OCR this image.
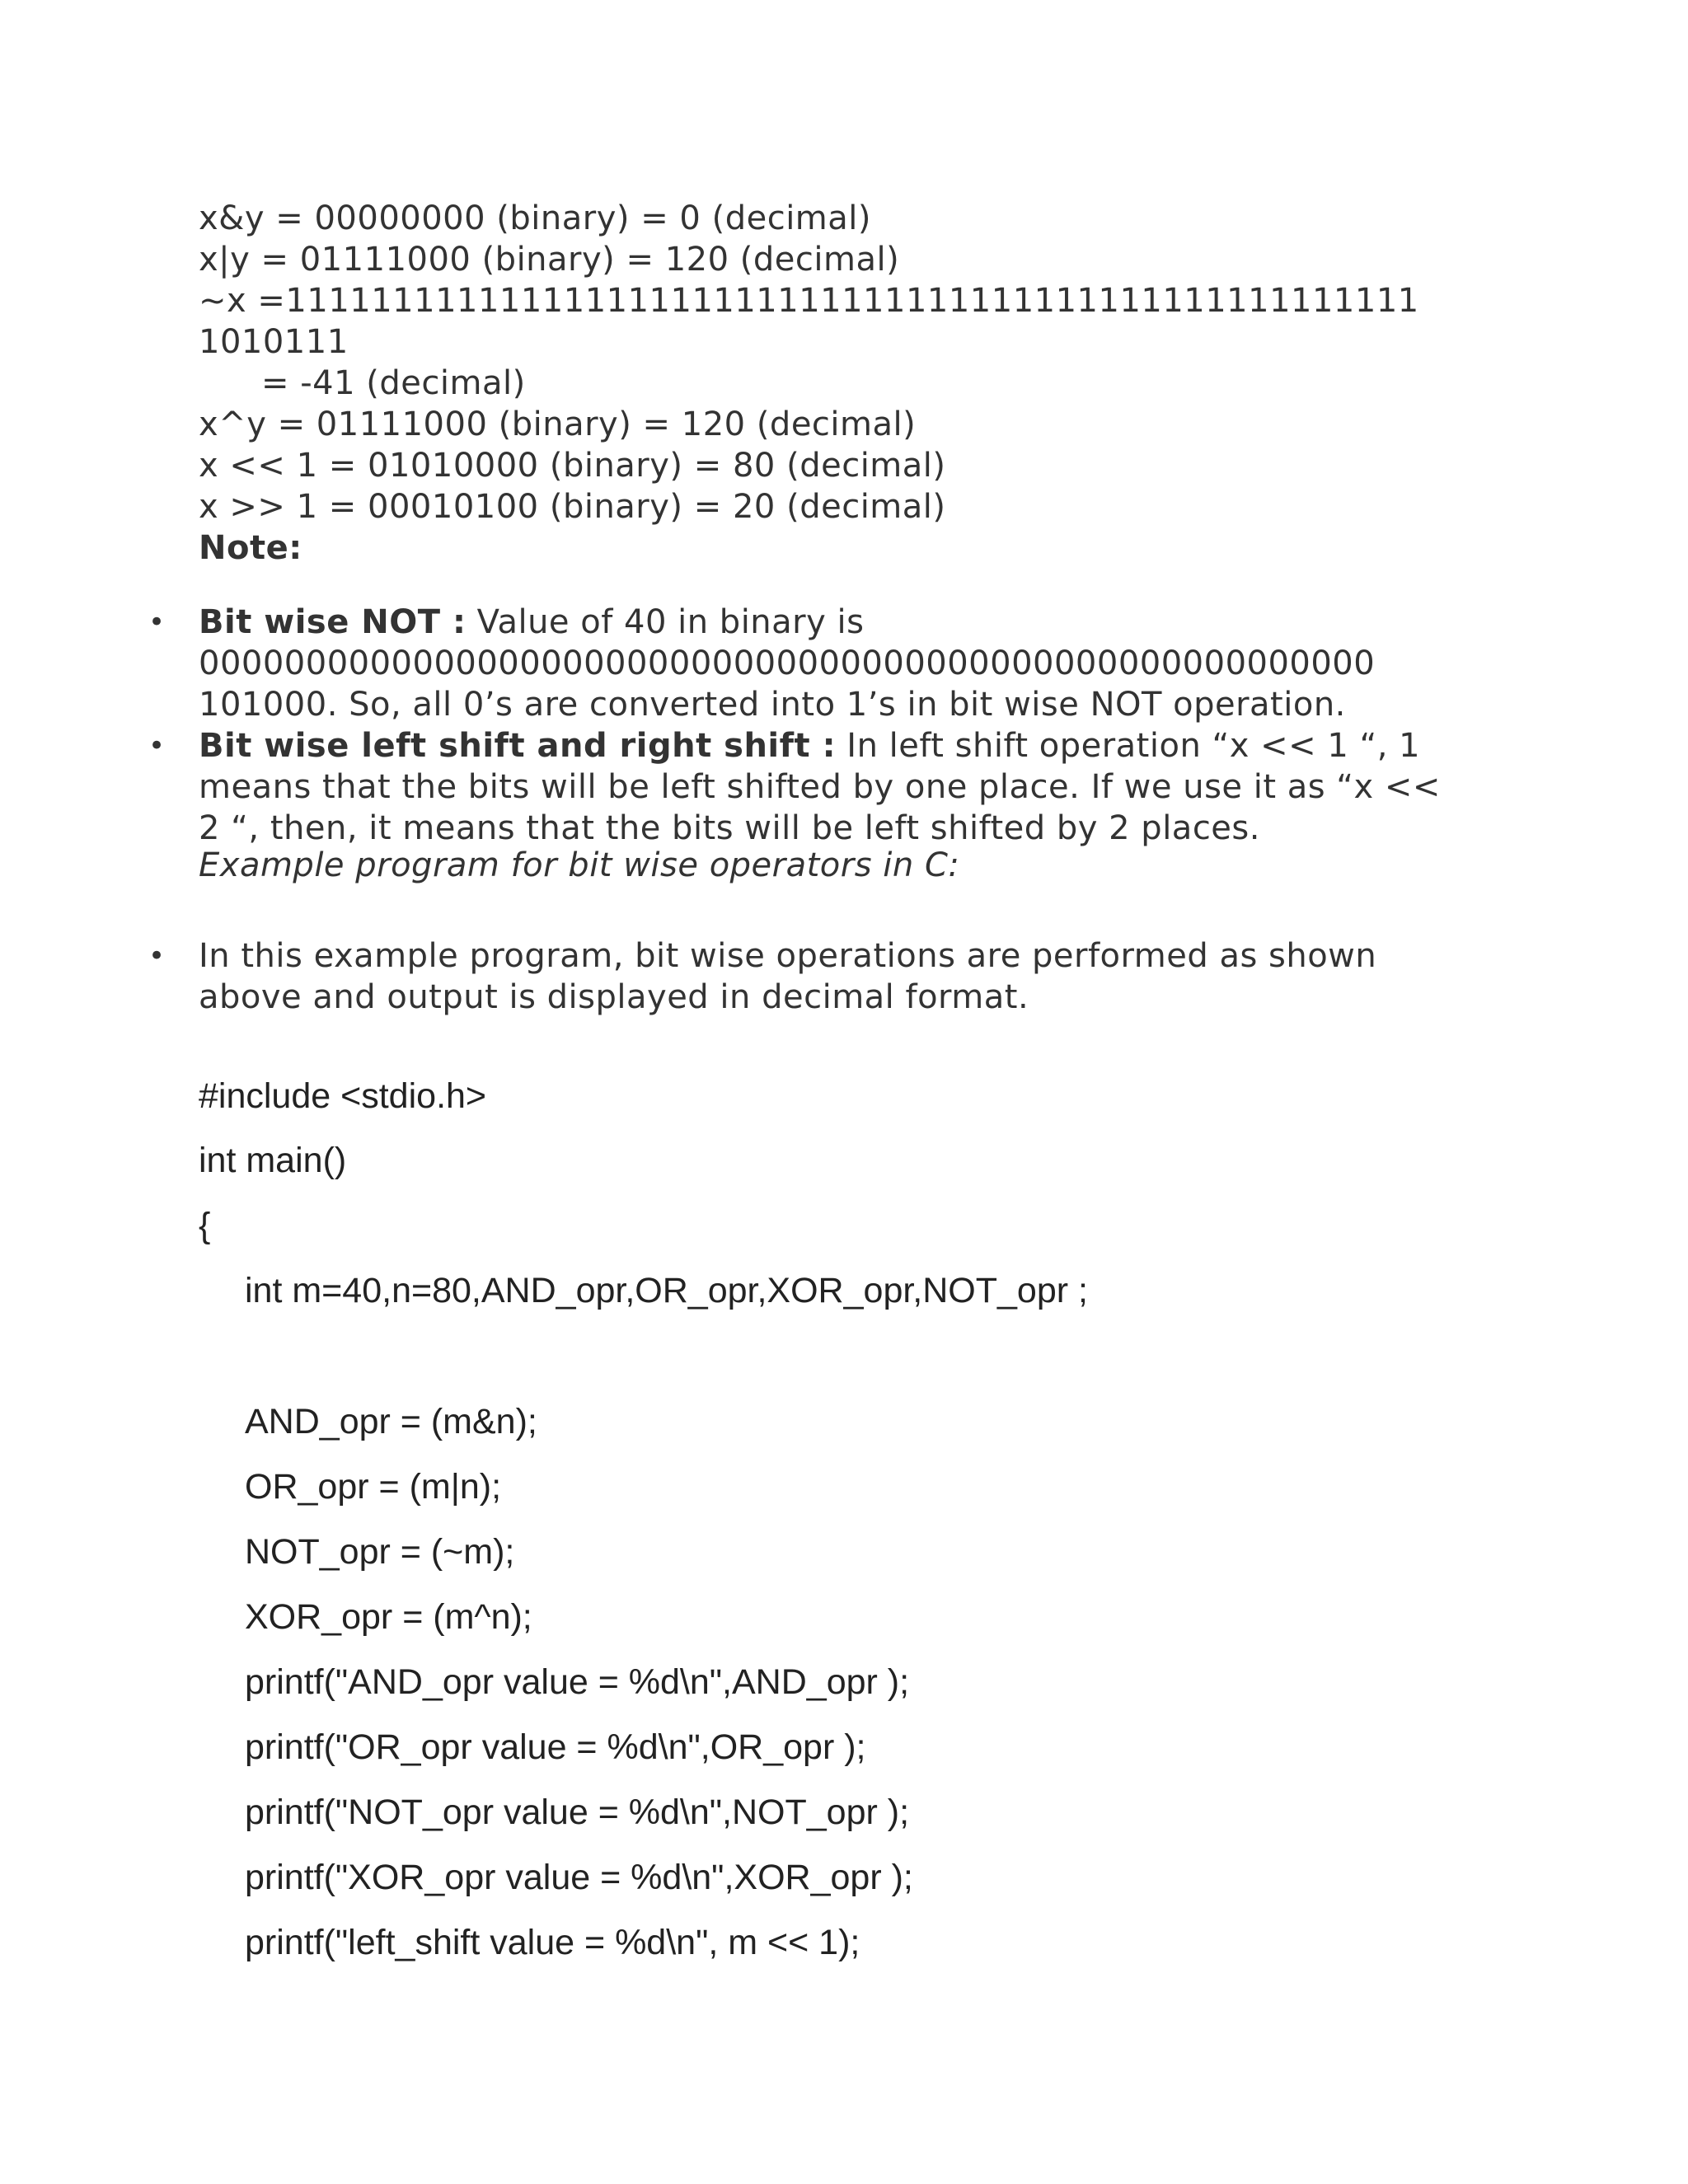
x&y = 00000000 (binary) = 0 (decimal)
x|y = 01111000 (binary) = 120 (decimal)
~x =11111111111111111111111111111111111111111111111111111
1010111
= -41 (decimal)
x^y = 01111000 (binary) = 120 (decimal)
x << 1 = 01010000 (binary) = 80 (decimal)
x >> 1 = 00010100 (binary) = 20 (decimal)
Note:
• Bit wise NOT : Value of 40 in binary is
0000000000000000000000000000000000000000000000000000000
101000. So, all 0’s are converted into 1’s in bit wise NOT operation.
• Bit wise left shift and right shift : In left shift operation “x << 1 “, 1
means that the bits will be left shifted by one place. If we use it as “x <<
2 “, then, it means that the bits will be left shifted by 2 places.
Example program for bit wise operators in C:
• In this example program, bit wise operations are performed as shown
above and output is displayed in decimal format.
#include <stdio.h>
int main()
{
int m=40,n=80,AND_opr,OR_opr,XOR_opr,NOT_opr ;
AND_opr = (m&n);
OR_opr = (m|n);
NOT_opr = (~m);
XOR_opr = (m^n);
printf("AND_opr value = %d\n",AND_opr );
printf("OR_opr value = %d\n",OR_opr );
printf("NOT_opr value = %d\n",NOT_opr );
printf("XOR_opr value = %d\n",XOR_opr );
printf("left_shift value = %d\n", m << 1);
